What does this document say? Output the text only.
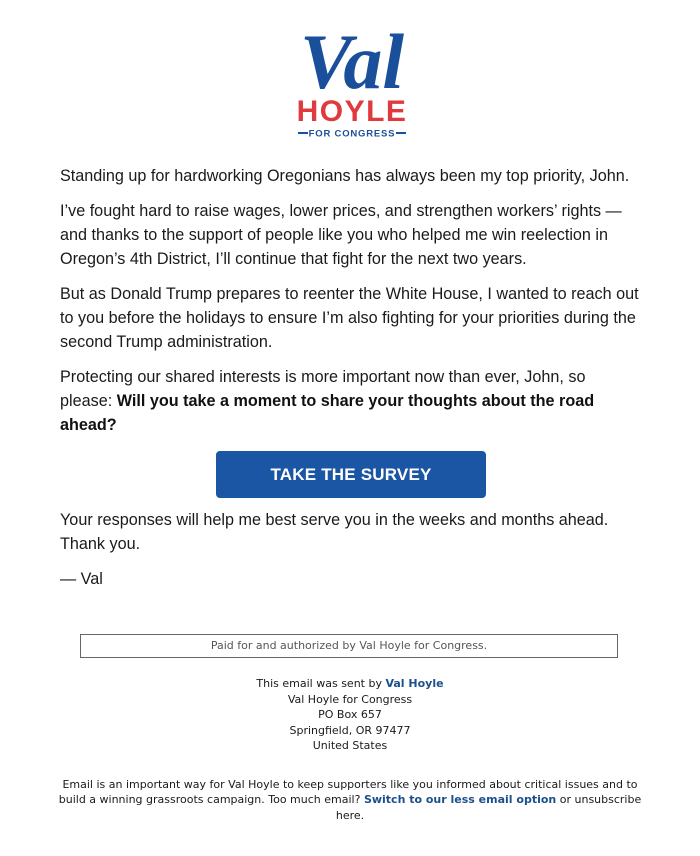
Val
HOYLE
FOR CONGRESS

Standing up for hardworking Oregonians has always been my top priority, John.

I’ve fought hard to raise wages, lower prices, and strengthen workers’ rights — and thanks to the support of people like you who helped me win reelection in Oregon’s 4th District, I’ll continue that fight for the next two years.

But as Donald Trump prepares to reenter the White House, I wanted to reach out to you before the holidays to ensure I’m also fighting for your priorities during the second Trump administration.

Protecting our shared interests is more important now than ever, John, so please: Will you take a moment to share your thoughts about the road ahead?

TAKE THE SURVEY

Your responses will help me best serve you in the weeks and months ahead. Thank you.

— Val

Paid for and authorized by Val Hoyle for Congress.
This email was sent by Val Hoyle
Val Hoyle for Congress
PO Box 657
Springfield, OR 97477
United States
Email is an important way for Val Hoyle to keep supporters like you informed about critical issues and to build a winning grassroots campaign. Too much email? Switch to our less email option or unsubscribe here.
